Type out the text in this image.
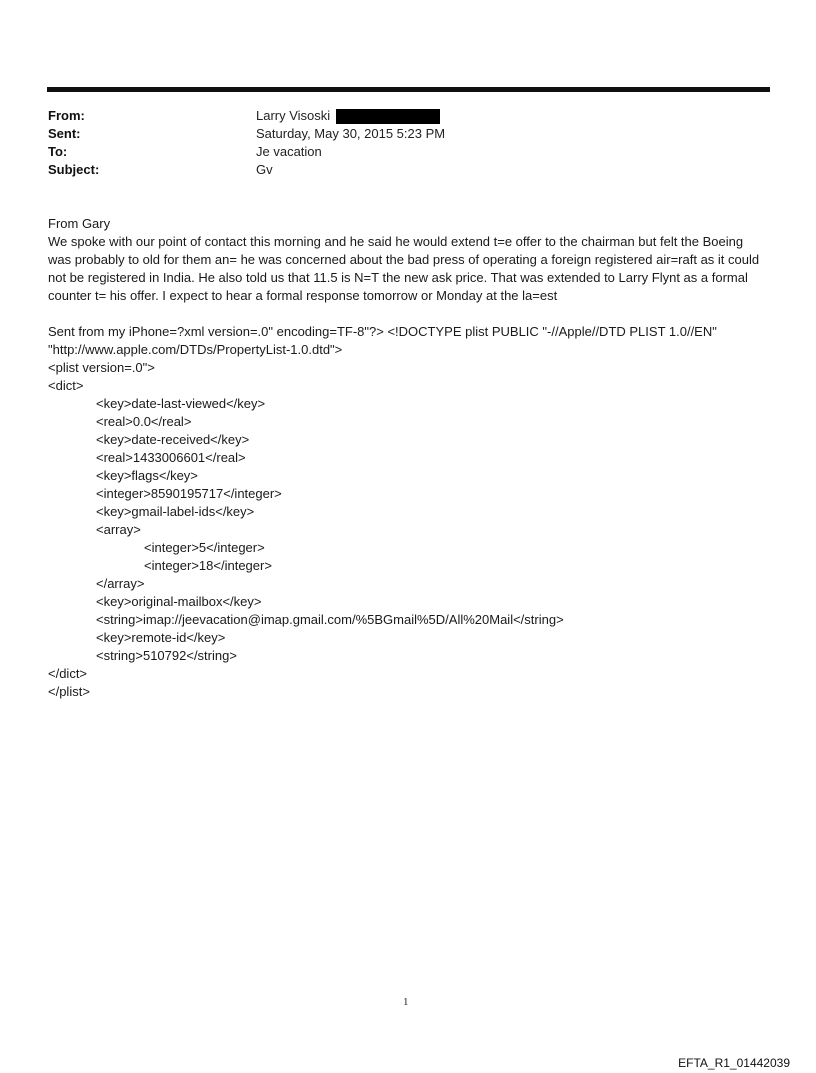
From:	Larry Visoski
Sent:	Saturday, May 30, 2015 5:23 PM
To:	Je vacation
Subject:	Gv
From Gary

We spoke with our point of contact this morning and he said he would extend t=e offer to the chairman but felt the Boeing was probably to old for them an= he was concerned about the bad press of operating a foreign registered air=raft as it could not be registered in India. He also told us that 11.5 is N=T the new ask price. That was extended to Larry Flynt as a formal counter t= his offer. I expect to hear a formal response tomorrow or Monday at the la=est

Sent from my iPhone=?xml version=.0" encoding=TF-8"?> <!DOCTYPE plist PUBLIC "-//Apple//DTD PLIST 1.0//EN"
"http://www.apple.com/DTDs/PropertyList-1.0.dtd">
<plist version=.0">
<dict>
<key>date-last-viewed</key>
<real>0.0</real>
<key>date-received</key>
<real>1433006601</real>
<key>flags</key>
<integer>8590195717</integer>
<key>gmail-label-ids</key>
<array>
<integer>5</integer>
<integer>18</integer>
</array>
<key>original-mailbox</key>
<string>imap://jeevacation@imap.gmail.com/%5BGmail%5D/All%20Mail</string>
<key>remote-id</key>
<string>510792</string>
</dict>
</plist>
1
EFTA_R1_01442039
